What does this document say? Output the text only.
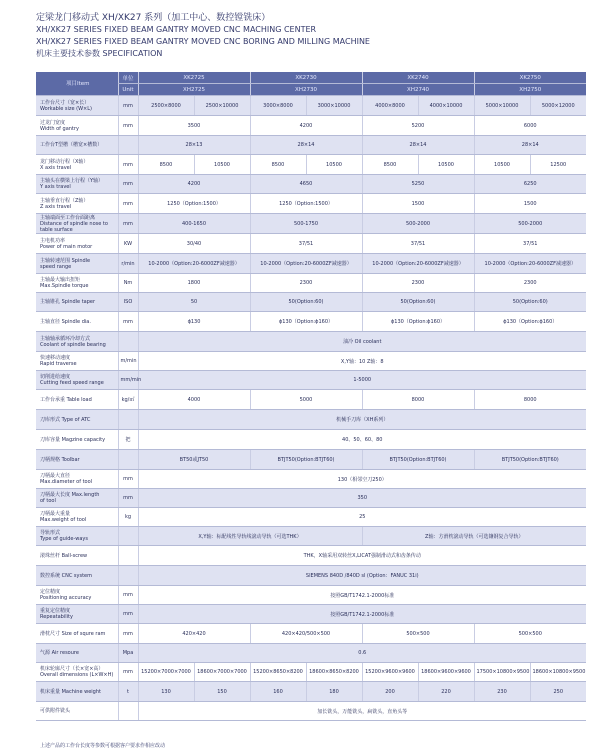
定梁龙门移动式 XH/XK27 系列（加工中心、数控镗铣床）
XH/XK27 SERIES FIXED BEAM GANTRY MOVED CNC MACHING CENTER
XH/XK27 SERIES FIXED BEAM GANTRY MOVED CNC BORING AND MILLING MACHINE
机床主要技术参数 SPECIFICATION
项目Item	单位	XK2725		XK2730		XK2740		XK2750	
	Unit	XH2725		XH2730		XH2740		XH2750	

工作台尺寸（宽×长）
Workable size (W×L)	mm	2500×8000	2500×10000	3000×8000	3000×10000	4000×8000	4000×10000	5000×10000	5000×12000

过龙门宽度
Width of gantry	mm	3500		4200		5200		6000	

工作台T型槽（槽宽×槽数）		28×13		28×14		28×14		28×14	

龙门移动行程（X轴）
X axis travel	mm	8500	10500	8500	10500	8500	10500	10500	12500

主轴头在横梁上行程（Y轴）
Y axis travel	mm	4200		4650		5250		6250	

主轴垂直行程（Z轴）
Z axis travel	mm	1250（Option:1500）		1250（Option:1500）		1500		1500	

主轴端面至工作台面距离
Distance of spindle nose to table surface	mm	400-1650		500-1750		500-2000		500-2000	

主电机功率
Power of main motor	KW	30/40		37/51		37/51		37/51	

主轴转速范围 Spindle
speed range	r/min	10-2000（Option:20-6000ZF减速器）		10-2000（Option:20-6000ZF减速器）		10-2000（Option:20-6000ZF减速器）		10-2000（Option:20-6000ZF减速器）	

主轴最大输出扭矩
Max.Spindle torque	Nm	1800		2300		2300		2300	

主轴锥孔 Spindle taper	ISO	50		50(Option:60)		50(Option:60)		50(Option:60)	

主轴直径 Spindle dia.	mm	ϕ130		ϕ130（Option:ϕ160）		ϕ130（Option:ϕ160）		ϕ130（Option:ϕ160）	

主轴轴承循环冷却方式
Coolant of spindle bearing		油冷 Oil coolant							

快速移动速度
Rapid traverse	m/min	X,Y轴：10 Z轴：8							

切削进给速度
Cutting feed speed range	mm/min	1-5000							

工作台承重 Table load	kg/㎡	4000		5000		8000		8000	

刀库形式 Type of ATC		机械手刀库（XH系列）							

刀库容量 Magzine capacity	把	40、50、60、80							

刀柄规格 Toolbar		BT50或JT50		BTJT50(Option:BTJT60)		BTJT50(Option:BTJT60)		BTJT50(Option:BTJT60)	

刀柄最大直径
Max.diameter of tool	mm	130（相邻空刀250）							

刀柄最大长度 Max.length
of tool	mm	350							

刀柄最大重量
Max.weight of tool	kg	25							

导轨形式
Type of guide-ways		X,Y轴：标配线性导轨线滚动导轨（可选THK）				Z轴：方滑枕滚动导轨（可选镶钢复合导轨）			

滚珠丝杆 Ball-screw		THK，X轴采用双转丝X,LICAT强制滑动式和齿条传动							

数控系统 CNC system		SIEMENS 840D /840D sl (Option：FANUC 31i)							

定位精度
Positioning accuracy	mm	按照GB/T1742.1-2000标准							

重复定位精度
Repeatability	mm	按照GB/T1742.1-2000标准							

滑枕尺寸 Size of squre ram	mm	420×420		420×420/500×500		500×500		500×500	

气源 Air resoure	Mpa	0.6							

机床轮廓尺寸（长×宽×高）
Overall dimensions (L×W×H)	mm	15200×7000×7000	18600×7000×7000	15200×8650×8200	18600×8650×8200	15200×9600×9600	18600×9600×9600	17500×10800×9500	18600×10800×9500

机床重量 Machine weight	t	130	150	160	180	200	220	230	250

可供附件铣头		加长铣头，万能铣头，扁铣头，直角头等							
上述产品的工作台长度等参数可根据客户要求作相应改动
